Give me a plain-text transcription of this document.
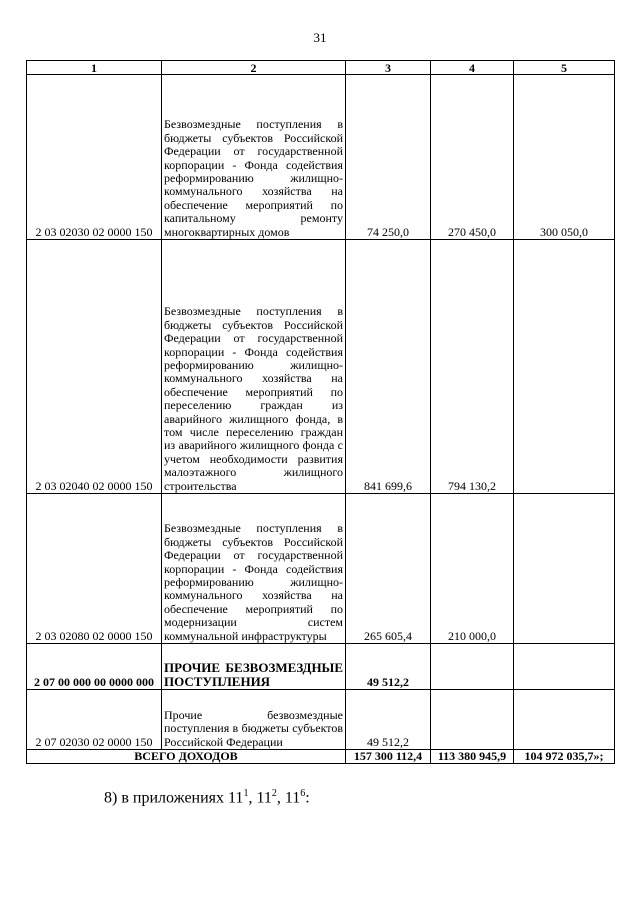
31
1	2	3	4	5
2 03 02030 02 0000 150	Безвозмездные поступления в бюджеты субъектов Российской Федерации от государственной корпорации - Фонда содействия реформированию жилищно-коммунального хозяйства на обеспечение мероприятий по капитальному ремонту многоквартирных домов	74 250,0	270 450,0	300 050,0
2 03 02040 02 0000 150	Безвозмездные поступления в бюджеты субъектов Российской Федерации от государственной корпорации - Фонда содействия реформированию жилищно-коммунального хозяйства на обеспечение мероприятий по переселению граждан из аварийного жилищного фонда, в том числе переселению граждан из аварийного жилищного фонда с учетом необходимости развития малоэтажного жилищного строительства	841 699,6	794 130,2	
2 03 02080 02 0000 150	Безвозмездные поступления в бюджеты субъектов Российской Федерации от государственной корпорации - Фонда содействия реформированию жилищно-коммунального хозяйства на обеспечение мероприятий по модернизации систем коммунальной инфраструктуры	265 605,4	210 000,0	
2 07 00 000 00 0000 000	ПРОЧИЕ БЕЗВОЗМЕЗДНЫЕ ПОСТУПЛЕНИЯ	49 512,2		
2 07 02030 02 0000 150	Прочие безвозмездные поступления в бюджеты субъектов Российской Федерации	49 512,2		
ВСЕГО ДОХОДОВ		157 300 112,4	113 380 945,9	104 972 035,7»;
8) в приложениях $11^1$, $11^2$, $11^6$:
